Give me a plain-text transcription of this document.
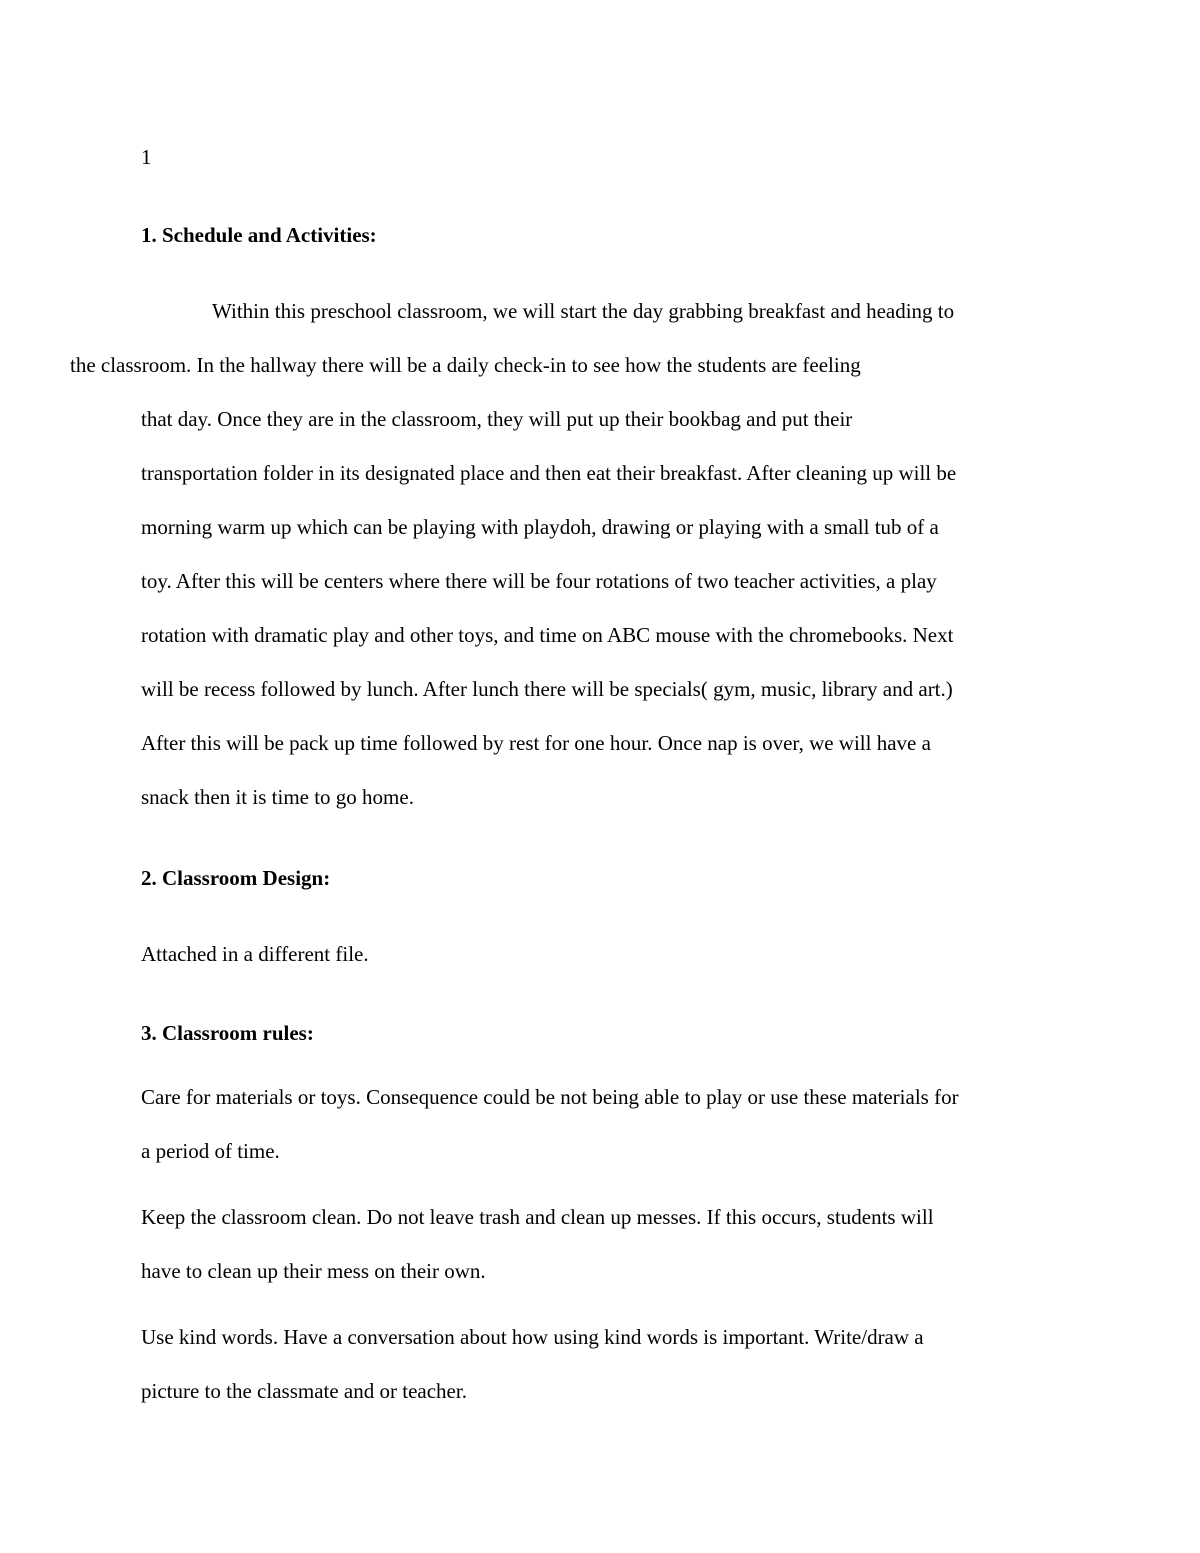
1

1. Schedule and Activities:

Within this preschool classroom, we will start the day grabbing breakfast and heading to
the classroom. In the hallway there will be a daily check-in to see how the students are feeling
that day. Once they are in the classroom, they will put up their bookbag and put their
transportation folder in its designated place and then eat their breakfast. After cleaning up will be
morning warm up which can be playing with playdoh, drawing or playing with a small tub of a
toy. After this will be centers where there will be four rotations of two teacher activities, a play
rotation with dramatic play and other toys, and time on ABC mouse with the chromebooks. Next
will be recess followed by lunch. After lunch there will be specials( gym, music, library and art.)
After this will be pack up time followed by rest for one hour. Once nap is over, we will have a
snack then it is time to go home.

2. Classroom Design:

Attached in a different file.

3. Classroom rules:

Care for materials or toys. Consequence could be not being able to play or use these materials for
a period of time.

Keep the classroom clean. Do not leave trash and clean up messes. If this occurs, students will
have to clean up their mess on their own.

Use kind words. Have a conversation about how using kind words is important. Write/draw a
picture to the classmate and or teacher.
